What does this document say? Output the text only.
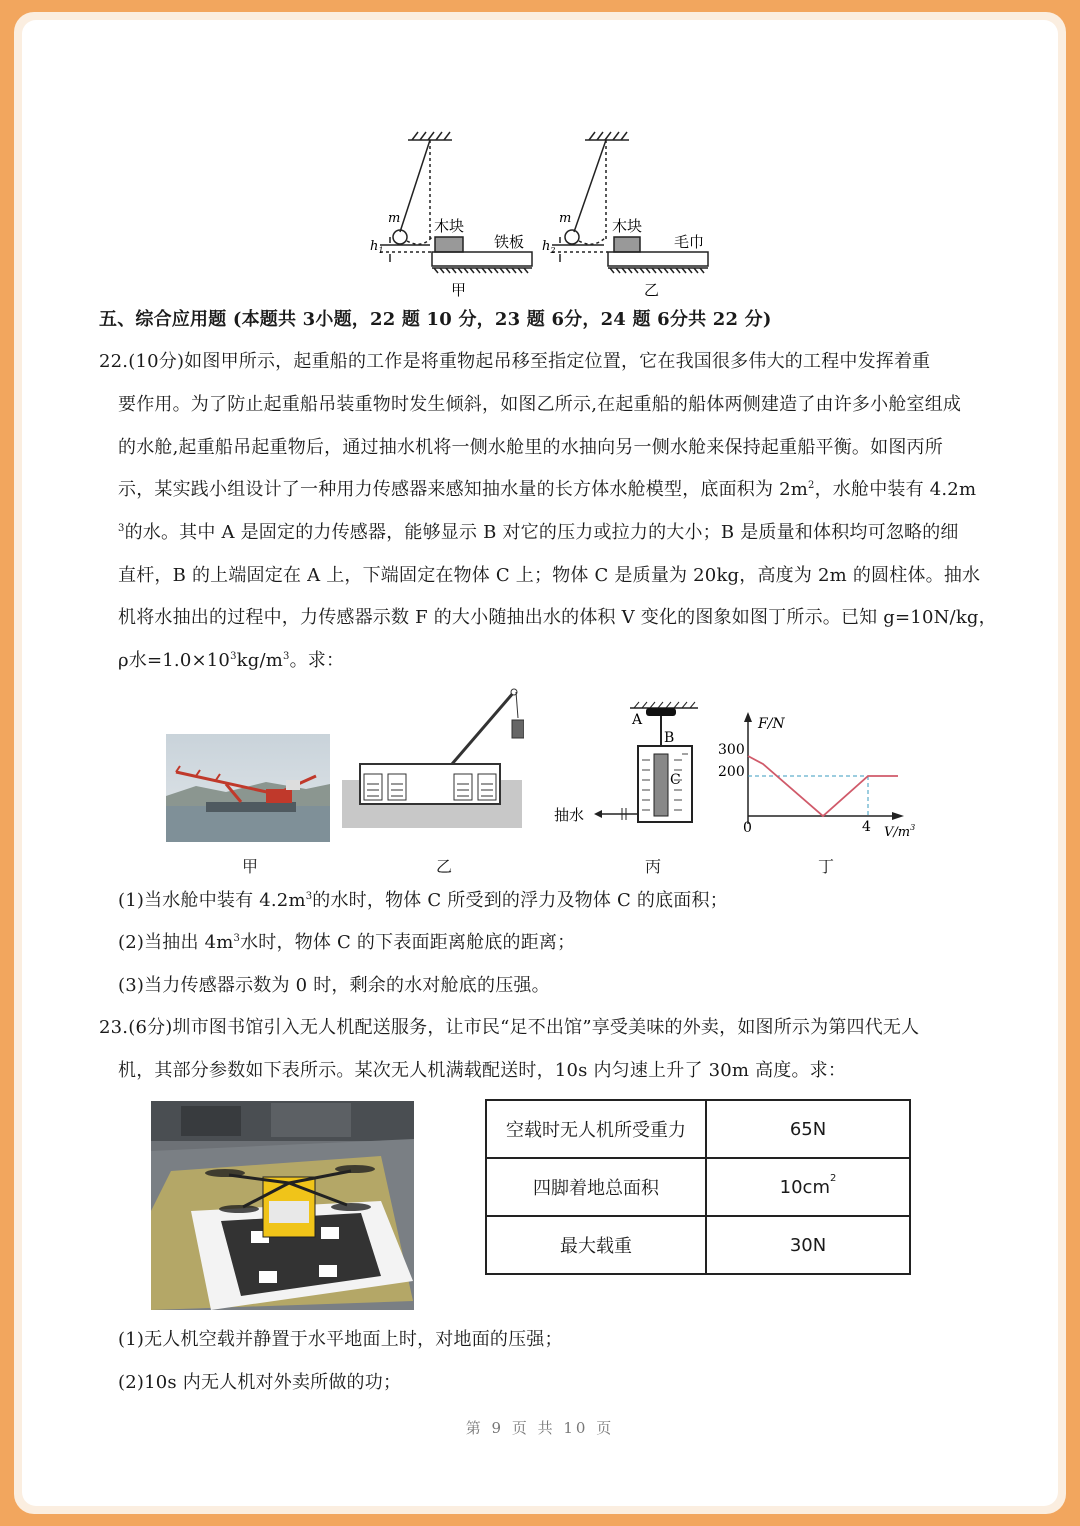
m
$h_1$
木块
铁板
m
$h_2$
木块
毛巾
甲	乙
五、综合应用题 (本题共 3小题，22 题 10 分，23 题 6分，24 题 6分共 22 分)
22.(10分)如图甲所示，起重船的工作是将重物起吊移至指定位置，它在我国很多伟大的工程中发挥着重
要作用。为了防止起重船吊装重物时发生倾斜，如图乙所示,在起重船的船体两侧建造了由许多小舱室组成
的水舱,起重船吊起重物后，通过抽水机将一侧水舱里的水抽向另一侧水舱来保持起重船平衡。如图丙所
示，某实践小组设计了一种用力传感器来感知抽水量的长方体水舱模型，底面积为 $2m^2$，水舱中装有 4.2m
$^3$的水。其中 A 是固定的力传感器，能够显示 B 对它的压力或拉力的大小；B 是质量和体积均可忽略的细
直杆，B 的上端固定在 A 上，下端固定在物体 C 上；物体 C 是质量为 20kg，高度为 2m 的圆柱体。抽水
机将水抽出的过程中，力传感器示数 F 的大小随抽出水的体积 V 变化的图象如图丁所示。已知 g=10N/kg，
ρ水$=1.0\times 10^3kg/m^3$。求：
甲	乙
A
B
C
抽水
丙
F/N
$V/m^3$
0
300
200
4
丁
(1)当水舱中装有 $4.2m^3$的水时，物体 C 所受到的浮力及物体 C 的底面积；
(2)当抽出 $4m^3$水时，物体 C 的下表面距离舱底的距离；
(3)当力传感器示数为 0 时，剩余的水对舱底的压强。
23.(6分)圳市图书馆引入无人机配送服务，让市民“足不出馆”享受美味的外卖，如图所示为第四代无人
机，其部分参数如下表所示。某次无人机满载配送时，10s 内匀速上升了 30m 高度。求：
空载时无人机所受重力	65N
四脚着地总面积	$10cm^2$
最大载重	30N
(1)无人机空载并静置于水平地面上时，对地面的压强；
(2)10s 内无人机对外卖所做的功；
第 9 页 共 10 页
